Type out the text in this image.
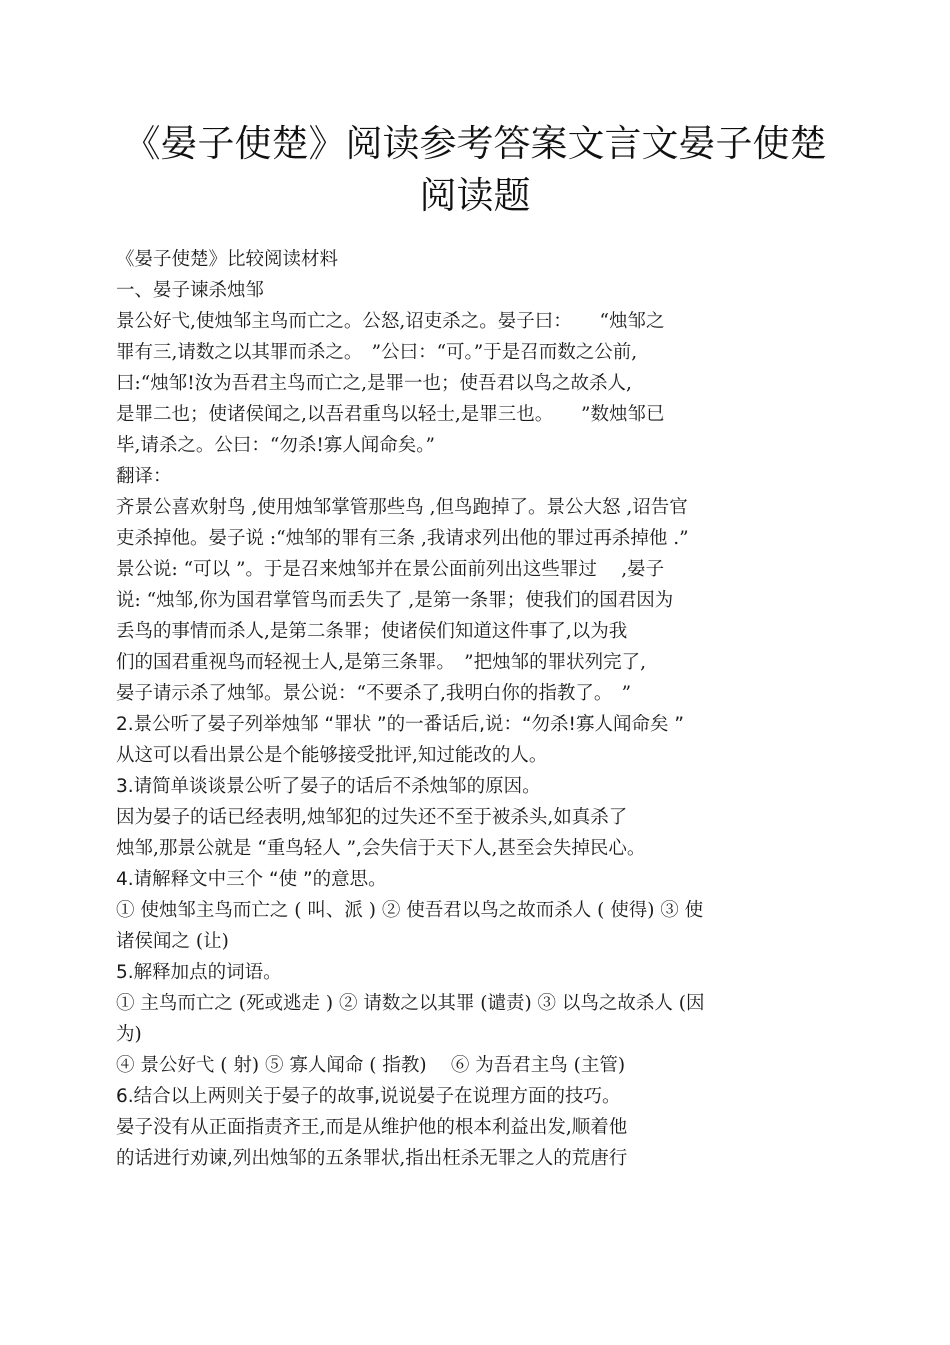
《晏子使楚》阅读参考答案文言文晏子使楚
阅读题
《晏子使楚》比较阅读材料
一、晏子谏杀烛邹
景公好弋,使烛邹主鸟而亡之。公怒,诏吏杀之。晏子曰：　　“烛邹之
罪有三,请数之以其罪而杀之。　”公曰：“可。”于是召而数之公前,
曰:“烛邹!汝为吾君主鸟而亡之,是罪一也；使吾君以鸟之故杀人,
是罪二也；使诸侯闻之,以吾君重鸟以轻士,是罪三也。　　”数烛邹已
毕,请杀之。公曰：“勿杀!寡人闻命矣。”
翻译：
齐景公喜欢射鸟 ,使用烛邹掌管那些鸟 ,但鸟跑掉了。景公大怒 ,诏告官
吏杀掉他。晏子说 :“烛邹的罪有三条 ,我请求列出他的罪过再杀掉他 .”
景公说: “可以 ”。于是召来烛邹并在景公面前列出这些罪过　 ,晏子
说: “烛邹,你为国君掌管鸟而丢失了 ,是第一条罪；使我们的国君因为
丢鸟的事情而杀人,是第二条罪；使诸侯们知道这件事了,以为我
们的国君重视鸟而轻视士人,是第三条罪。　”把烛邹的罪状列完了,
晏子请示杀了烛邹。景公说：“不要杀了,我明白你的指教了。　”
2.景公听了晏子列举烛邹 “罪状 ”的一番话后,说：“勿杀!寡人闻命矣 ”
从这可以看出景公是个能够接受批评,知过能改的人。
3.请简单谈谈景公听了晏子的话后不杀烛邹的原因。
因为晏子的话已经表明,烛邹犯的过失还不至于被杀头,如真杀了
烛邹,那景公就是 “重鸟轻人 ”,会失信于天下人,甚至会失掉民心。
4.请解释文中三个 “使 ”的意思。
① 使烛邹主鸟而亡之 ( 叫、派 ) ② 使吾君以鸟之故而杀人 ( 使得) ③ 使
诸侯闻之 (让)
5.解释加点的词语。
① 主鸟而亡之 (死或逃走 ) ② 请数之以其罪 (谴责) ③ 以鸟之故杀人 (因
为)
④ 景公好弋 ( 射) ⑤ 寡人闻命 ( 指教)　 ⑥ 为吾君主鸟 (主管)
6.结合以上两则关于晏子的故事,说说晏子在说理方面的技巧。
晏子没有从正面指责齐王,而是从维护他的根本利益出发,顺着他
的话进行劝谏,列出烛邹的五条罪状,指出枉杀无罪之人的荒唐行
